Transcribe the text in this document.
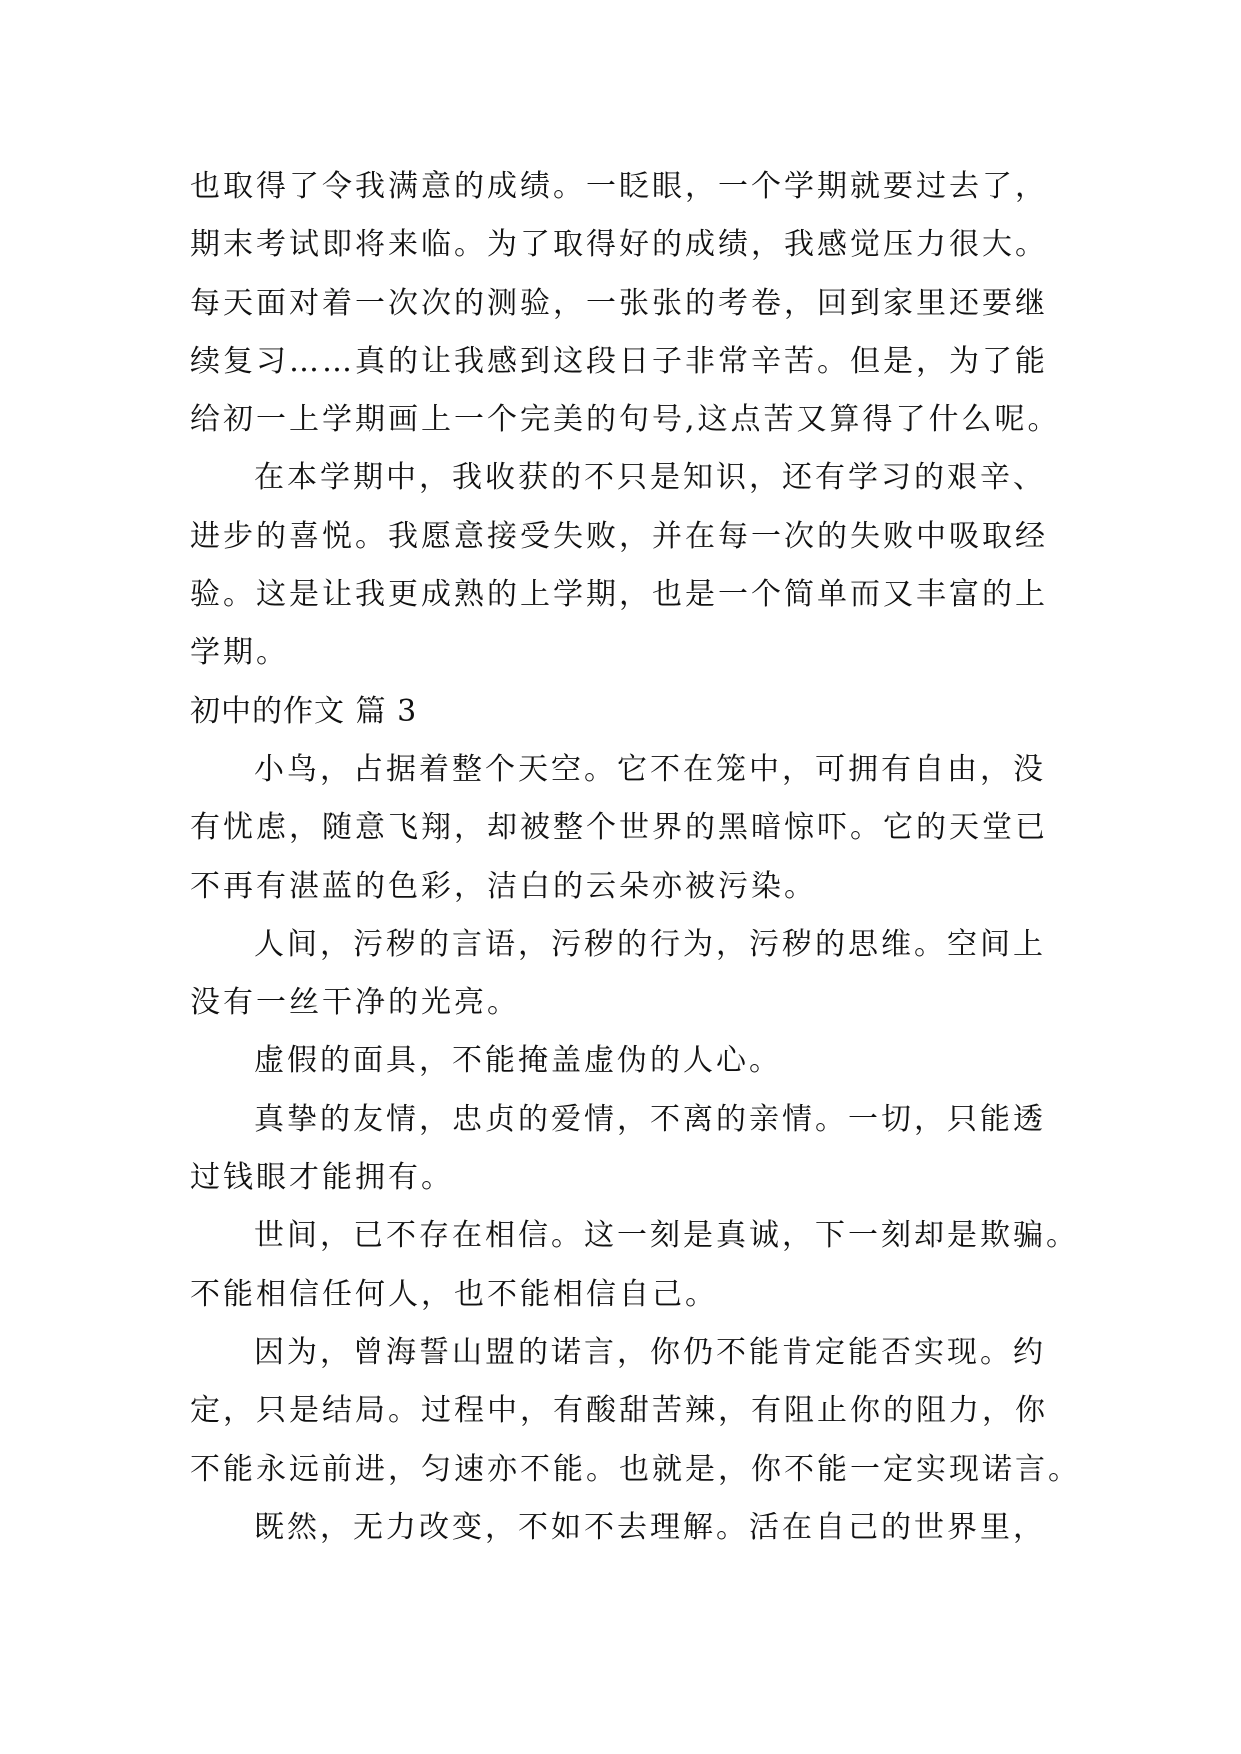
也取得了令我满意的成绩。一眨眼，一个学期就要过去了，
期末考试即将来临。为了取得好的成绩，我感觉压力很大。
每天面对着一次次的测验，一张张的考卷，回到家里还要继
续复习……真的让我感到这段日子非常辛苦。但是，为了能
给初一上学期画上一个完美的句号,这点苦又算得了什么呢。
在本学期中，我收获的不只是知识，还有学习的艰辛、
进步的喜悦。我愿意接受失败，并在每一次的失败中吸取经
验。这是让我更成熟的上学期，也是一个简单而又丰富的上
学期。
初中的作文 篇 3
小鸟，占据着整个天空。它不在笼中，可拥有自由，没
有忧虑，随意飞翔，却被整个世界的黑暗惊吓。它的天堂已
不再有湛蓝的色彩，洁白的云朵亦被污染。
人间，污秽的言语，污秽的行为，污秽的思维。空间上
没有一丝干净的光亮。
虚假的面具，不能掩盖虚伪的人心。
真挚的友情，忠贞的爱情，不离的亲情。一切，只能透
过钱眼才能拥有。
世间，已不存在相信。这一刻是真诚，下一刻却是欺骗。
不能相信任何人，也不能相信自己。
因为，曾海誓山盟的诺言，你仍不能肯定能否实现。约
定，只是结局。过程中，有酸甜苦辣，有阻止你的阻力，你
不能永远前进，匀速亦不能。也就是，你不能一定实现诺言。
既然，无力改变，不如不去理解。活在自己的世界里，
